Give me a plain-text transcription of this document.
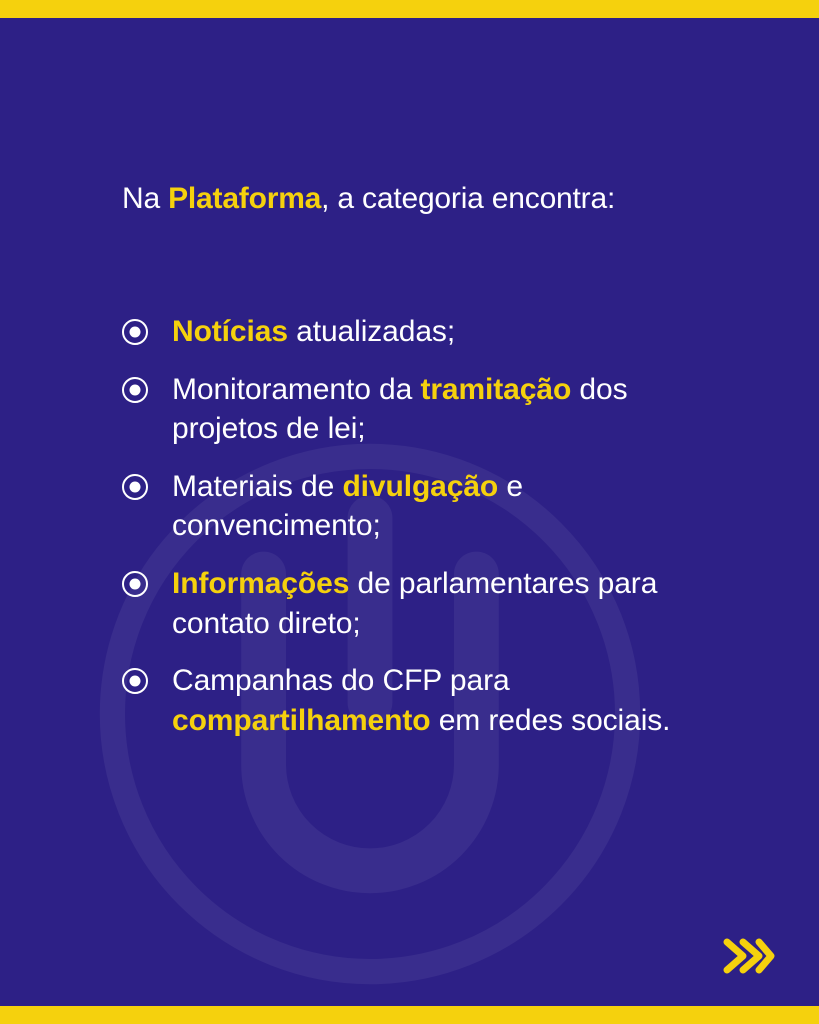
Na Plataforma, a categoria encontra:
Notícias atualizadas;
Monitoramento da tramitação dos projetos de lei;
Materiais de divulgação e convencimento;
Informações de parlamentares para contato direto;
Campanhas do CFP para compartilhamento em redes sociais.
